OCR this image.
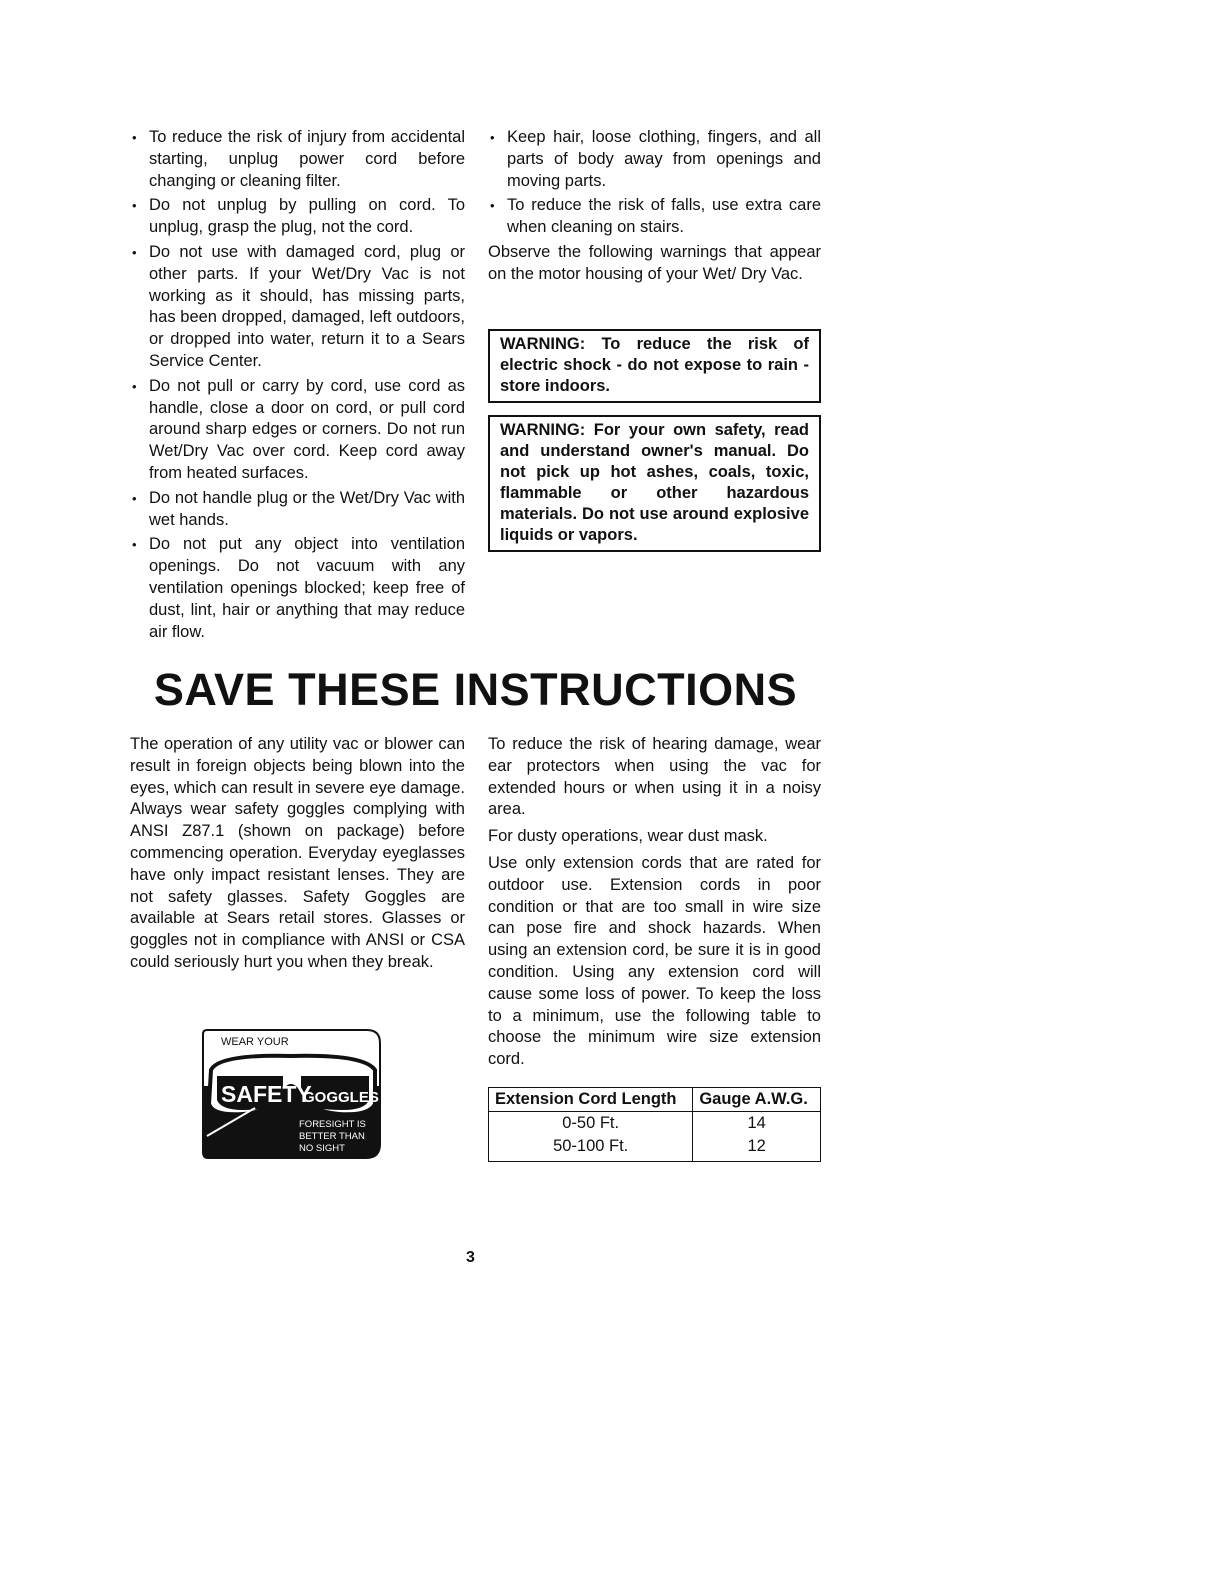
• To reduce the risk of injury from accidental starting, unplug power cord before changing or cleaning filter.
• Do not unplug by pulling on cord. To unplug, grasp the plug, not the cord.
• Do not use with damaged cord, plug or other parts. If your Wet/Dry Vac is not working as it should, has missing parts, has been dropped, damaged, left outdoors, or dropped into water, return it to a Sears Service Center.
• Do not pull or carry by cord, use cord as handle, close a door on cord, or pull cord around sharp edges or corners. Do not run Wet/Dry Vac over cord. Keep cord away from heated surfaces.
• Do not handle plug or the Wet/Dry Vac with wet hands.
• Do not put any object into ventilation openings. Do not vacuum with any ventilation openings blocked; keep free of dust, lint, hair or anything that may reduce air flow.
• Keep hair, loose clothing, fingers, and all parts of body away from openings and moving parts.
• To reduce the risk of falls, use extra care when cleaning on stairs.

Observe the following warnings that appear on the motor housing of your Wet/ Dry Vac.

WARNING: To reduce the risk of electric shock - do not expose to rain - store indoors.
WARNING: For your own safety, read and understand owner's manual. Do not pick up hot ashes, coals, toxic, flammable or other hazardous materials. Do not use around explosive liquids or vapors.
SAVE THESE INSTRUCTIONS

The operation of any utility vac or blower can result in foreign objects being blown into the eyes, which can result in severe eye damage. Always wear safety goggles complying with ANSI Z87.1 (shown on package) before commencing operation. Everyday eyeglasses have only impact resistant lenses. They are not safety glasses. Safety Goggles are available at Sears retail stores. Glasses or goggles not in compliance with ANSI or CSA could seriously hurt you when they break.

WEAR YOUR
SAFETY
GOGGLES
FORESIGHT IS
BETTER THAN
NO SIGHT

To reduce the risk of hearing damage, wear ear protectors when using the vac for extended hours or when using it in a noisy area.

For dusty operations, wear dust mask.

Use only extension cords that are rated for outdoor use. Extension cords in poor condition or that are too small in wire size can pose fire and shock hazards. When using an extension cord, be sure it is in good condition. Using any extension cord will cause some loss of power. To keep the loss to a minimum, use the following table to choose the minimum wire size extension cord.

Extension Cord Length	Gauge A.W.G.
0-50 Ft.	14
50-100 Ft.	12
3
